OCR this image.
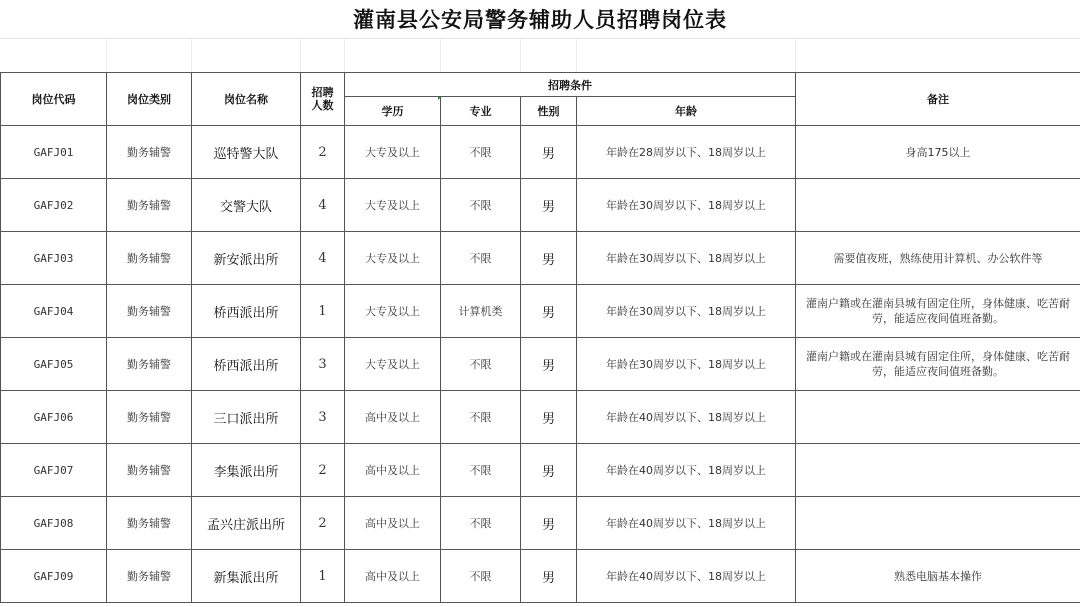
灌南县公安局警务辅助人员招聘岗位表
岗位代码	岗位类别	岗位名称	招聘人数	招聘条件				备注
				学历	专业	性别	年龄	
GAFJ01	勤务辅警	巡特警大队	2	大专及以上	不限	男	年龄在28周岁以下、18周岁以上	身高175以上
GAFJ02	勤务辅警	交警大队	4	大专及以上	不限	男	年龄在30周岁以下、18周岁以上	
GAFJ03	勤务辅警	新安派出所	4	大专及以上	不限	男	年龄在30周岁以下、18周岁以上	需要值夜班，熟练使用计算机、办公软件等
GAFJ04	勤务辅警	桥西派出所	1	大专及以上	计算机类	男	年龄在30周岁以下、18周岁以上	灌南户籍或在灌南县城有固定住所，身体健康、吃苦耐劳，能适应夜间值班备勤。
GAFJ05	勤务辅警	桥西派出所	3	大专及以上	不限	男	年龄在30周岁以下、18周岁以上	灌南户籍或在灌南县城有固定住所，身体健康、吃苦耐劳，能适应夜间值班备勤。
GAFJ06	勤务辅警	三口派出所	3	高中及以上	不限	男	年龄在40周岁以下、18周岁以上	
GAFJ07	勤务辅警	李集派出所	2	高中及以上	不限	男	年龄在40周岁以下、18周岁以上	
GAFJ08	勤务辅警	孟兴庄派出所	2	高中及以上	不限	男	年龄在40周岁以下、18周岁以上	
GAFJ09	勤务辅警	新集派出所	1	高中及以上	不限	男	年龄在40周岁以下、18周岁以上	熟悉电脑基本操作
